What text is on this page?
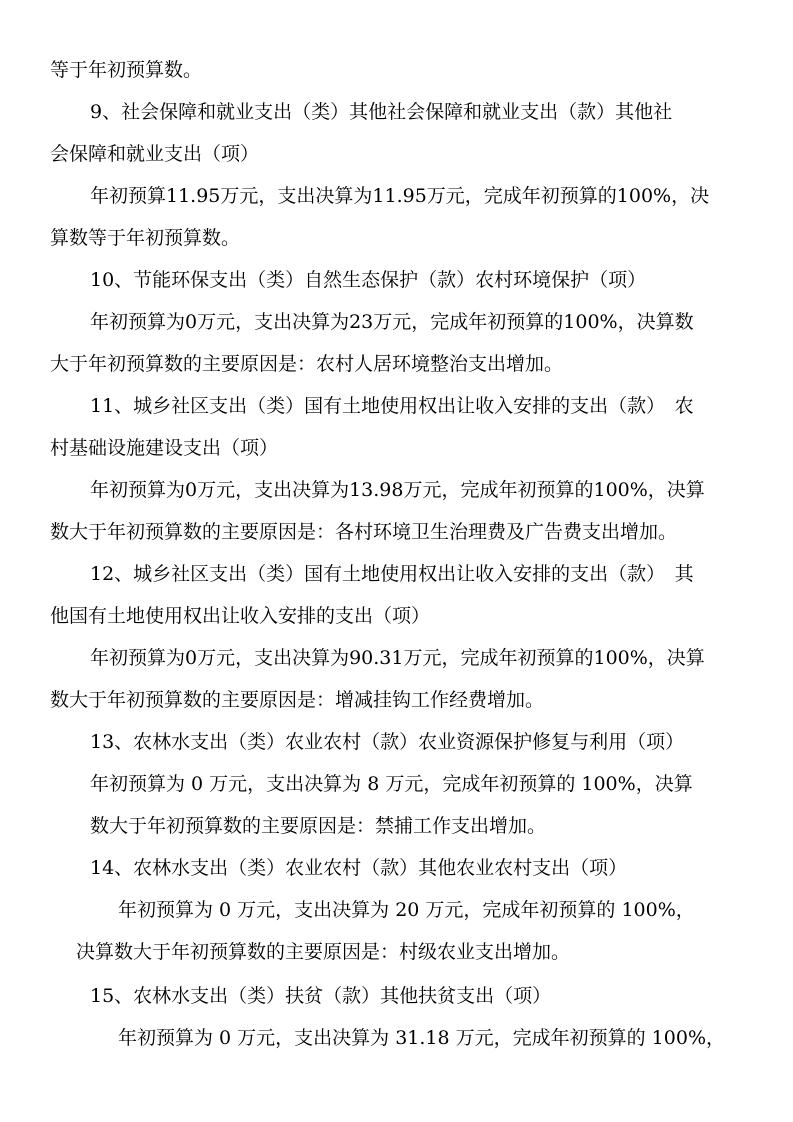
等于年初预算数。
9、社会保障和就业支出（类）其他社会保障和就业支出（款）其他社
会保障和就业支出（项）
年初预算11.95万元，支出决算为11.95万元，完成年初预算的100%，决
算数等于年初预算数。
10、节能环保支出（类）自然生态保护（款）农村环境保护（项）
年初预算为0万元，支出决算为23万元，完成年初预算的100%，决算数
大于年初预算数的主要原因是：农村人居环境整治支出增加。
11、城乡社区支出（类）国有土地使用权出让收入安排的支出（款）　农
村基础设施建设支出（项）
年初预算为0万元，支出决算为13.98万元，完成年初预算的100%，决算
数大于年初预算数的主要原因是：各村环境卫生治理费及广告费支出增加。
12、城乡社区支出（类）国有土地使用权出让收入安排的支出（款）　其
他国有土地使用权出让收入安排的支出（项）
年初预算为0万元，支出决算为90.31万元，完成年初预算的100%，决算
数大于年初预算数的主要原因是：增减挂钩工作经费增加。
13、农林水支出（类）农业农村（款）农业资源保护修复与利用（项）
年初预算为 0 万元，支出决算为 8 万元，完成年初预算的 100%，决算
数大于年初预算数的主要原因是：禁捕工作支出增加。
14、农林水支出（类）农业农村（款）其他农业农村支出（项）
年初预算为 0 万元，支出决算为 20 万元，完成年初预算的 100%，
决算数大于年初预算数的主要原因是：村级农业支出增加。
15、农林水支出（类）扶贫（款）其他扶贫支出（项）
年初预算为 0 万元，支出决算为 31.18 万元，完成年初预算的 100%，
